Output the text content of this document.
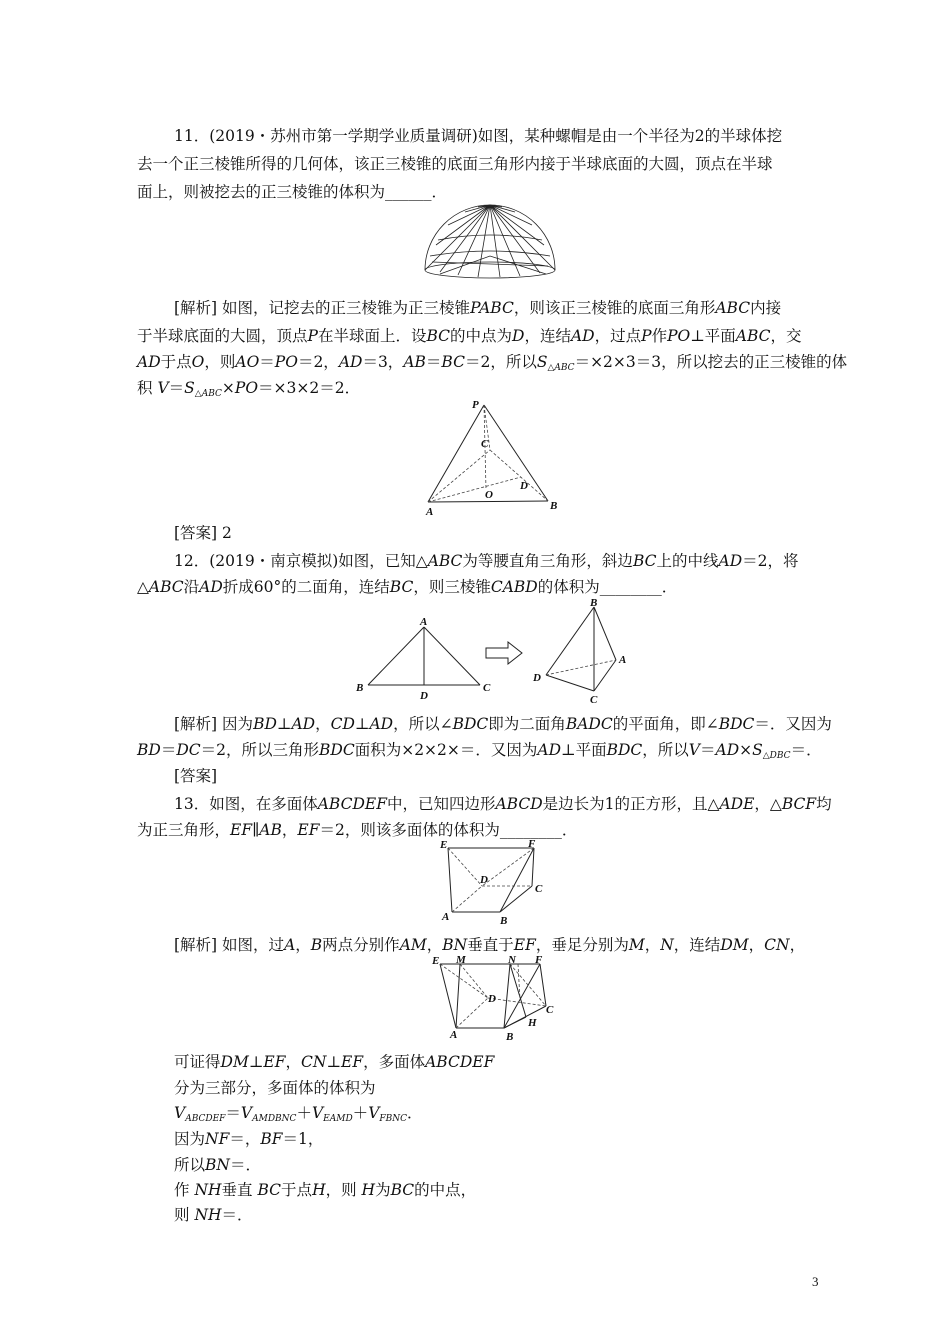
11．(2019・苏州市第一学期学业质量调研)如图，某种螺帽是由一个半径为2的半球体挖
去一个正三棱锥所得的几何体，该正三棱锥的底面三角形内接于半球底面的大圆，顶点在半球
面上，则被挖去的正三棱锥的体积为______．
[解析] 如图，记挖去的正三棱锥为正三棱锥PABC，则该正三棱锥的底面三角形ABC内接
于半球底面的大圆，顶点P在半球面上．设BC的中点为D，连结AD，过点P作PO⊥平面ABC，交
AD于点O，则AO＝PO＝2，AD＝3，AB＝BC＝2，所以$S_{\triangle ABC}=\times 2\times 3=3$，所以挖去的正三棱锥的体
积 $V=S_{\triangle ABC}\times PO=\times 3\times 2=2$．
P
C
D
O
A	B
[答案] 2
12．(2019・南京模拟)如图，已知△ABC为等腰直角三角形，斜边BC上的中线AD＝2，将
△ABC沿AD折成60°的二面角，连结BC，则三棱锥CABD的体积为________．
A
B
D
C
B
A
D
C
[解析] 因为BD⊥AD，CD⊥AD，所以∠BDC即为二面角BADC的平面角，即∠BDC＝．又因为
BD＝DC＝2，所以三角形BDC面积为×2×2×＝．又因为AD⊥平面BDC，所以$V=AD\times S_{\triangle DBC}=$．
[答案]
13．如图，在多面体ABCDEF中，已知四边形ABCD是边长为1的正方形，且△ADE，△BCF均
为正三角形，EF∥AB，EF＝2，则该多面体的体积为________．
E	F
D
C
A	B
[解析] 如图，过A，B两点分别作AM，BN垂直于EF，垂足分别为M，N，连结DM，CN，
E M	N F
D
C
H
A	B
可证得DM⊥EF，CN⊥EF，多面体ABCDEF
分为三部分，多面体的体积为
$V_{ABCDEF}=V_{AMDBNC}+V_{EAMD}+V_{FBNC}$．
因为NF＝，BF＝1，
所以BN＝．
作 NH垂直 BC于点H，则 H为BC的中点，
则 NH＝．
3
